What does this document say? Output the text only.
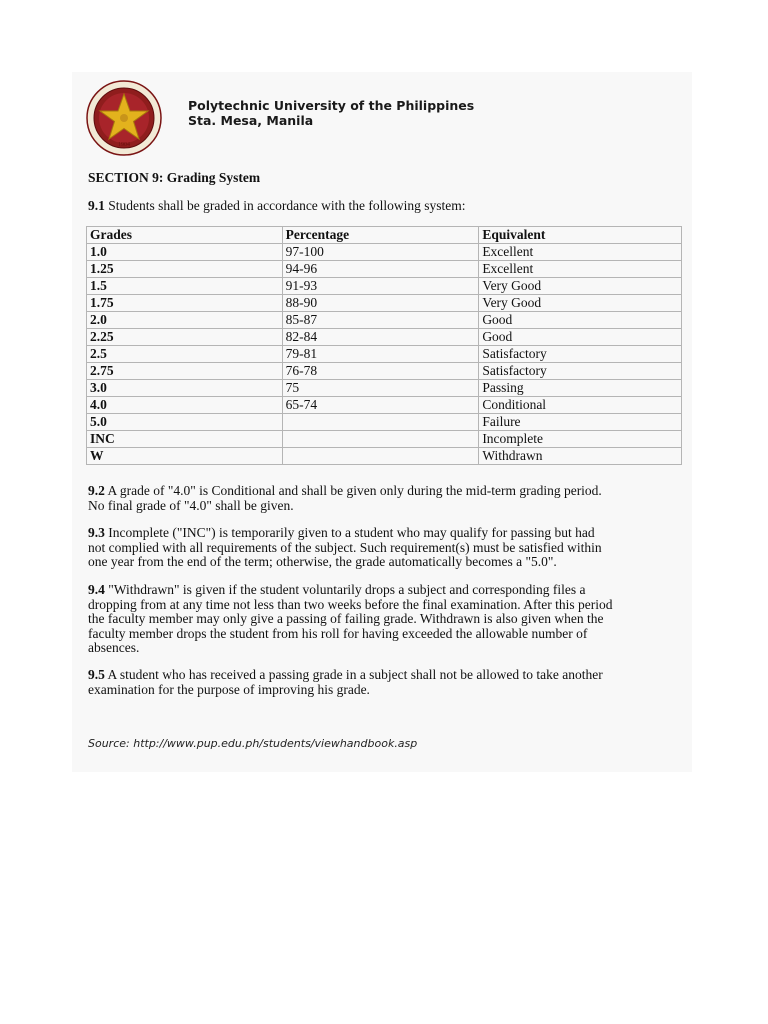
1904
Polytechnic University of the Philippines
Sta. Mesa, Manila
SECTION 9: Grading System
9.1 Students shall be graded in accordance with the following system:
Grades	Percentage	Equivalent
1.0	97-100	Excellent
1.25	94-96	Excellent
1.5	91-93	Very Good
1.75	88-90	Very Good
2.0	85-87	Good
2.25	82-84	Good
2.5	79-81	Satisfactory
2.75	76-78	Satisfactory
3.0	75	Passing
4.0	65-74	Conditional
5.0		Failure
INC		Incomplete
W		Withdrawn
9.2 A grade of "4.0" is Conditional and shall be given only during the mid-term grading period.
No final grade of "4.0" shall be given.
9.3 Incomplete ("INC") is temporarily given to a student who may qualify for passing but had
not complied with all requirements of the subject. Such requirement(s) must be satisfied within
one year from the end of the term; otherwise, the grade automatically becomes a "5.0".
9.4 "Withdrawn" is given if the student voluntarily drops a subject and corresponding files a
dropping from at any time not less than two weeks before the final examination. After this period
the faculty member may only give a passing of failing grade. Withdrawn is also given when the
faculty member drops the student from his roll for having exceeded the allowable number of
absences.
9.5 A student who has received a passing grade in a subject shall not be allowed to take another
examination for the purpose of improving his grade.
Source: http://www.pup.edu.ph/students/viewhandbook.asp
